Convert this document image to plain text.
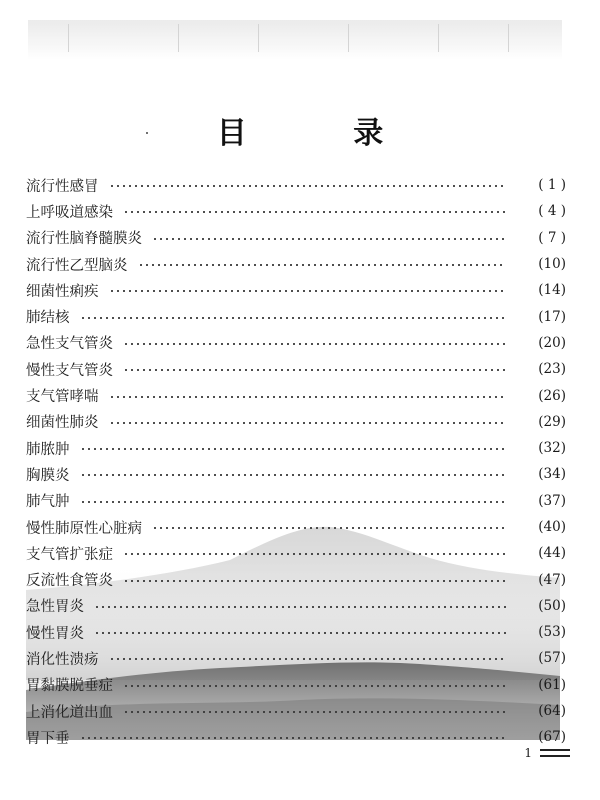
目 录
流行性感冒	( 1 )
上呼吸道感染	( 4 )
流行性脑脊髓膜炎	( 7 )
流行性乙型脑炎	(10)
细菌性痢疾	(14)
肺结核	(17)
急性支气管炎	(20)
慢性支气管炎	(23)
支气管哮喘	(26)
细菌性肺炎	(29)
肺脓肿	(32)
胸膜炎	(34)
肺气肿	(37)
慢性肺原性心脏病	(40)
支气管扩张症	(44)
反流性食管炎	(47)
急性胃炎	(50)
慢性胃炎	(53)
消化性溃疡	(57)
胃黏膜脱垂症	(61)
上消化道出血	(64)
胃下垂	(67)
1
